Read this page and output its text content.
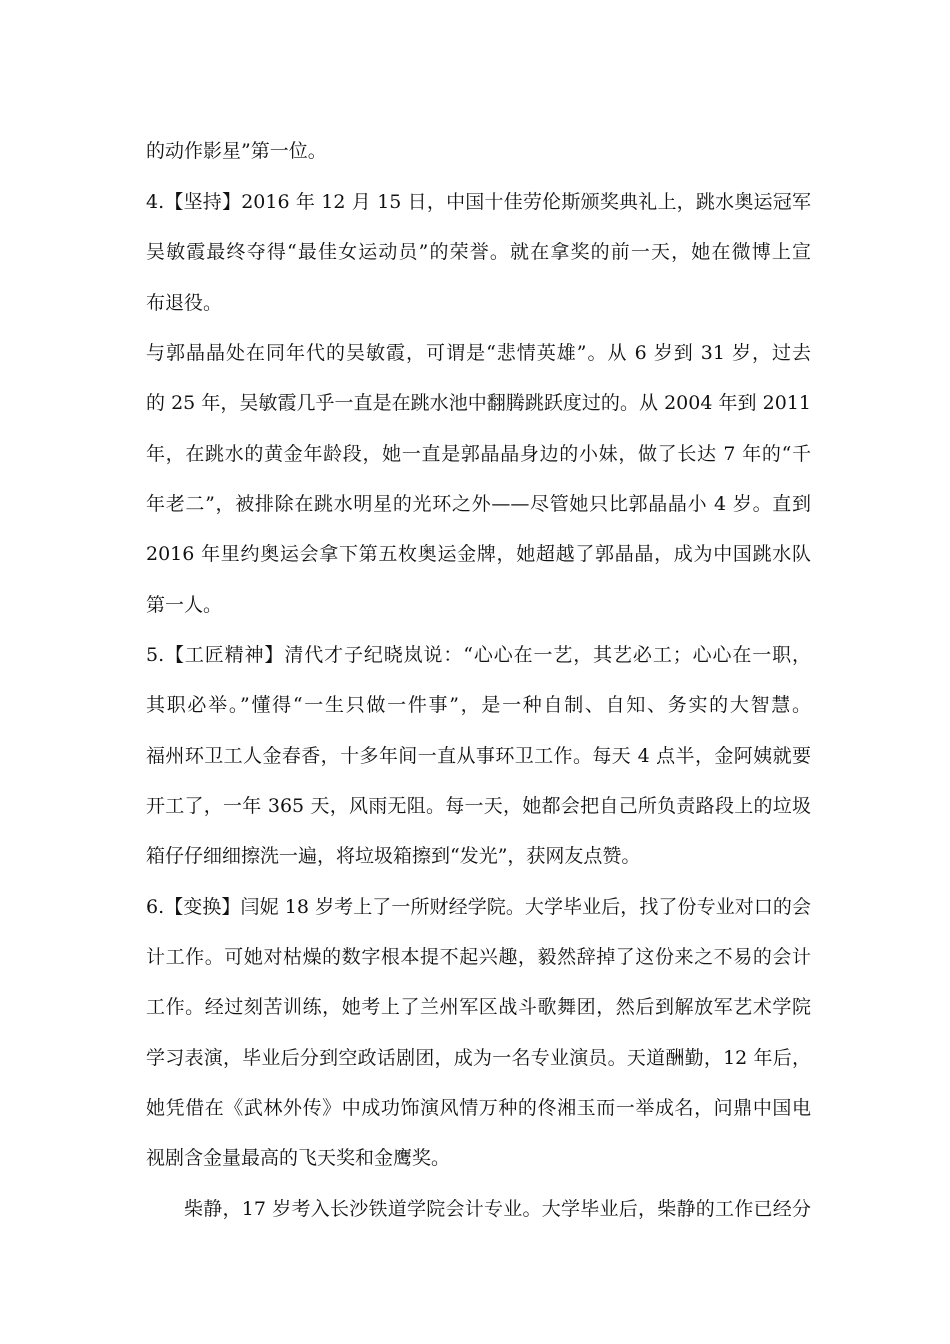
的动作影星”第一位。
4.【坚持】2016 年 12 月 15 日，中国十佳劳伦斯颁奖典礼上，跳水奥运冠军
吴敏霞最终夺得“最佳女运动员”的荣誉。就在拿奖的前一天，她在微博上宣
布退役。
与郭晶晶处在同年代的吴敏霞，可谓是“悲情英雄”。从 6 岁到 31 岁，过去
的 25 年，吴敏霞几乎一直是在跳水池中翻腾跳跃度过的。从 2004 年到 2011
年，在跳水的黄金年龄段，她一直是郭晶晶身边的小妹，做了长达 7 年的“千
年老二”，被排除在跳水明星的光环之外——尽管她只比郭晶晶小 4 岁。直到
2016 年里约奥运会拿下第五枚奥运金牌，她超越了郭晶晶，成为中国跳水队
第一人。
5.【工匠精神】清代才子纪晓岚说：“心心在一艺，其艺必工；心心在一职，
其职必举。”懂得“一生只做一件事”，是一种自制、自知、务实的大智慧。
福州环卫工人金春香，十多年间一直从事环卫工作。每天 4 点半，金阿姨就要
开工了，一年 365 天，风雨无阻。每一天，她都会把自己所负责路段上的垃圾
箱仔仔细细擦洗一遍，将垃圾箱擦到“发光”，获网友点赞。
6.【变换】闫妮 18 岁考上了一所财经学院。大学毕业后，找了份专业对口的会
计工作。可她对枯燥的数字根本提不起兴趣，毅然辞掉了这份来之不易的会计
工作。经过刻苦训练，她考上了兰州军区战斗歌舞团，然后到解放军艺术学院
学习表演，毕业后分到空政话剧团，成为一名专业演员。天道酬勤，12 年后，
她凭借在《武林外传》中成功饰演风情万种的佟湘玉而一举成名，问鼎中国电
视剧含金量最高的飞天奖和金鹰奖。
柴静，17 岁考入长沙铁道学院会计专业。大学毕业后，柴静的工作已经分
